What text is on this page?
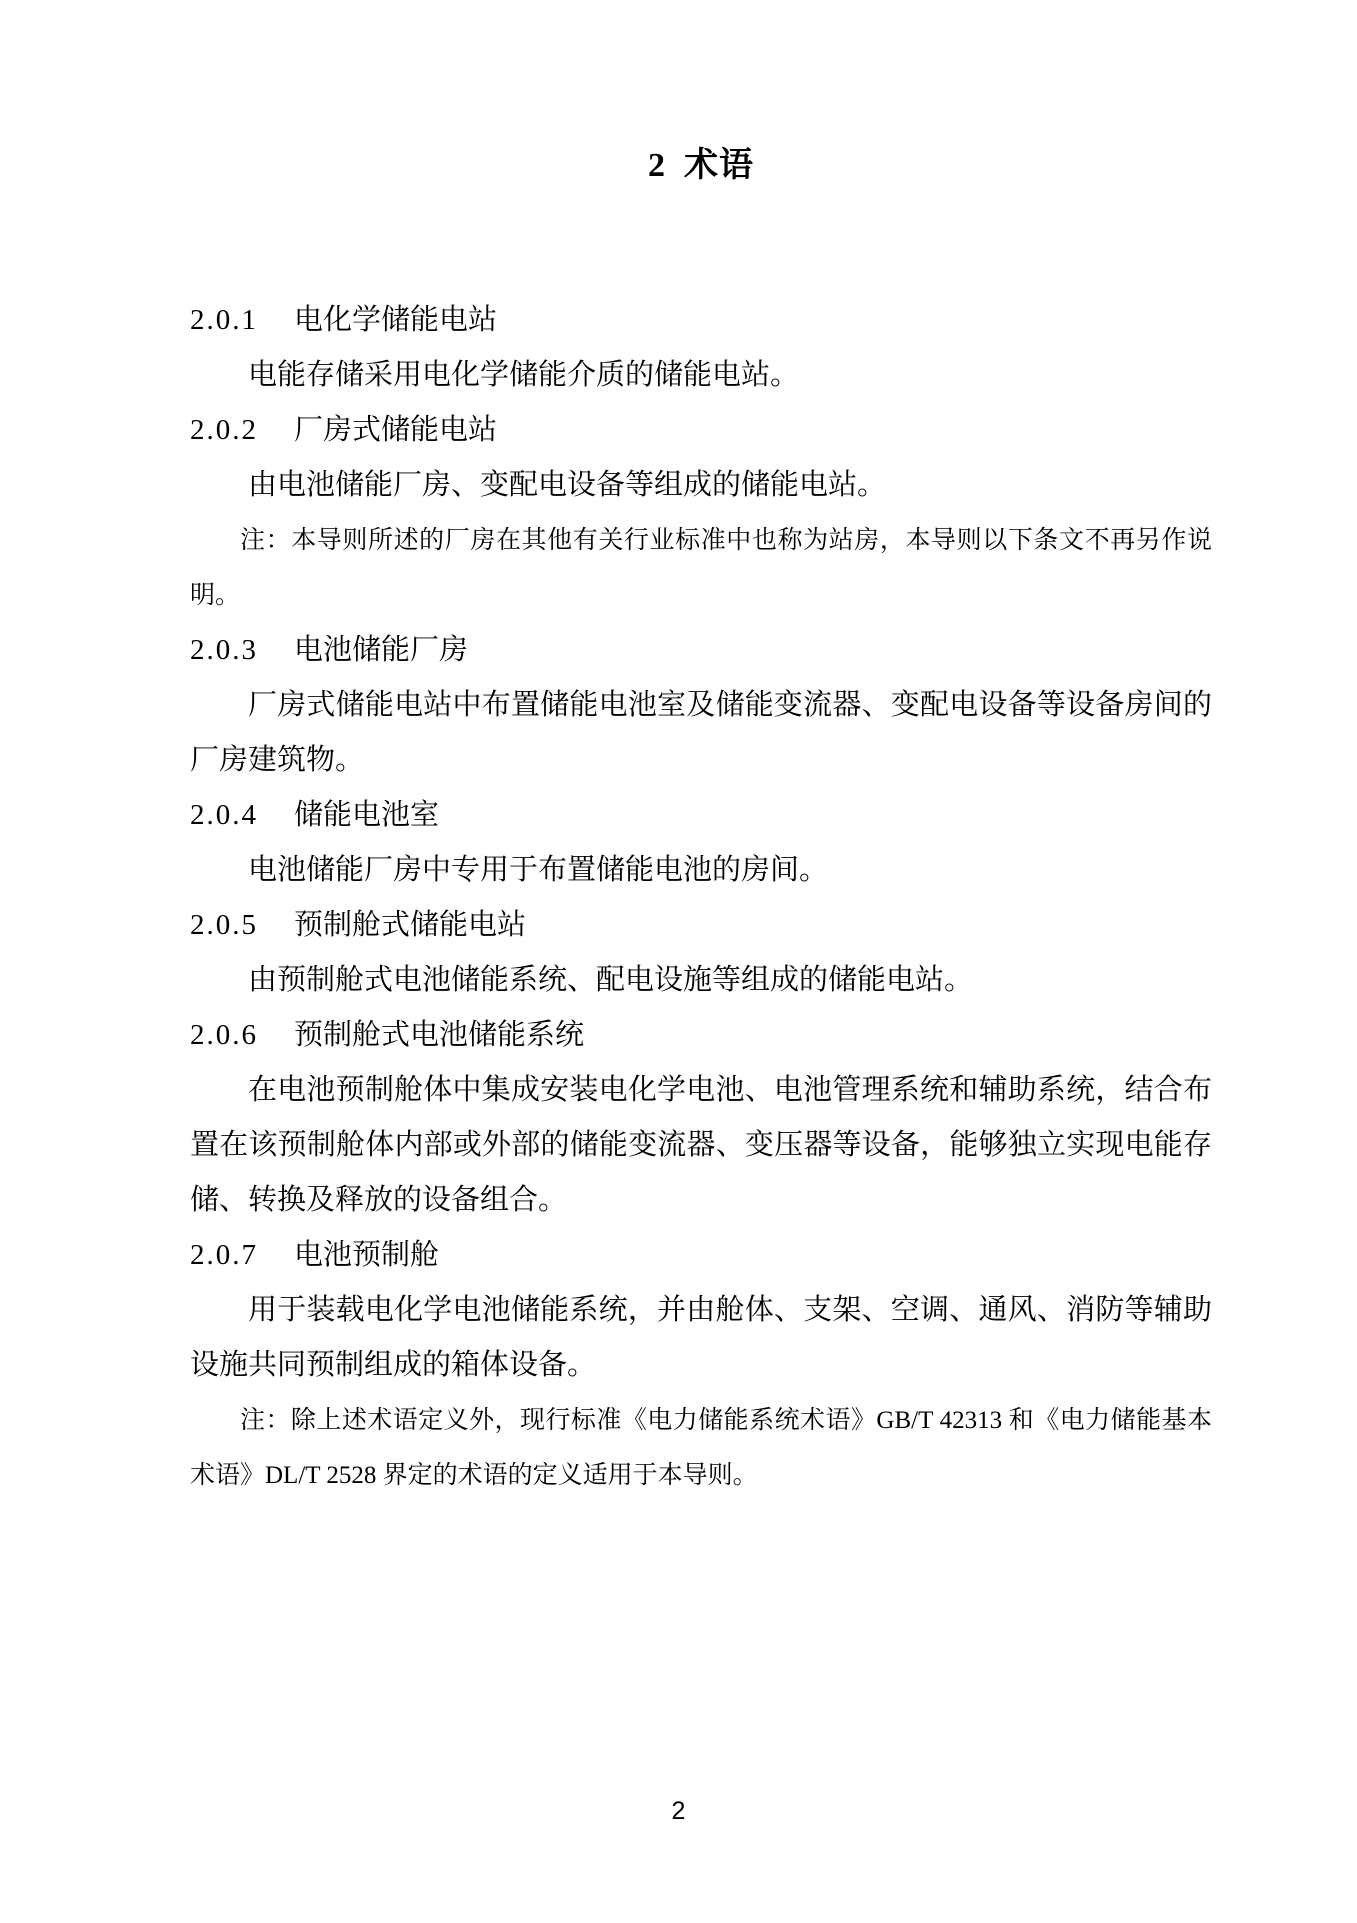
2 术语

2.0.1 电化学储能电站

电能存储采用电化学储能介质的储能电站。

2.0.2 厂房式储能电站

由电池储能厂房、变配电设备等组成的储能电站。

注：本导则所述的厂房在其他有关行业标准中也称为站房，本导则以下条文不再另作说明。

2.0.3 电池储能厂房

厂房式储能电站中布置储能电池室及储能变流器、变配电设备等设备房间的厂房建筑物。

2.0.4 储能电池室

电池储能厂房中专用于布置储能电池的房间。

2.0.5 预制舱式储能电站

由预制舱式电池储能系统、配电设施等组成的储能电站。

2.0.6 预制舱式电池储能系统

在电池预制舱体中集成安装电化学电池、电池管理系统和辅助系统，结合布置在该预制舱体内部或外部的储能变流器、变压器等设备，能够独立实现电能存储、转换及释放的设备组合。

2.0.7 电池预制舱

用于装载电化学电池储能系统，并由舱体、支架、空调、通风、消防等辅助设施共同预制组成的箱体设备。

注：除上述术语定义外，现行标准《电力储能系统术语》GB/T 42313 和《电力储能基本术语》DL/T 2528 界定的术语的定义适用于本导则。

2
